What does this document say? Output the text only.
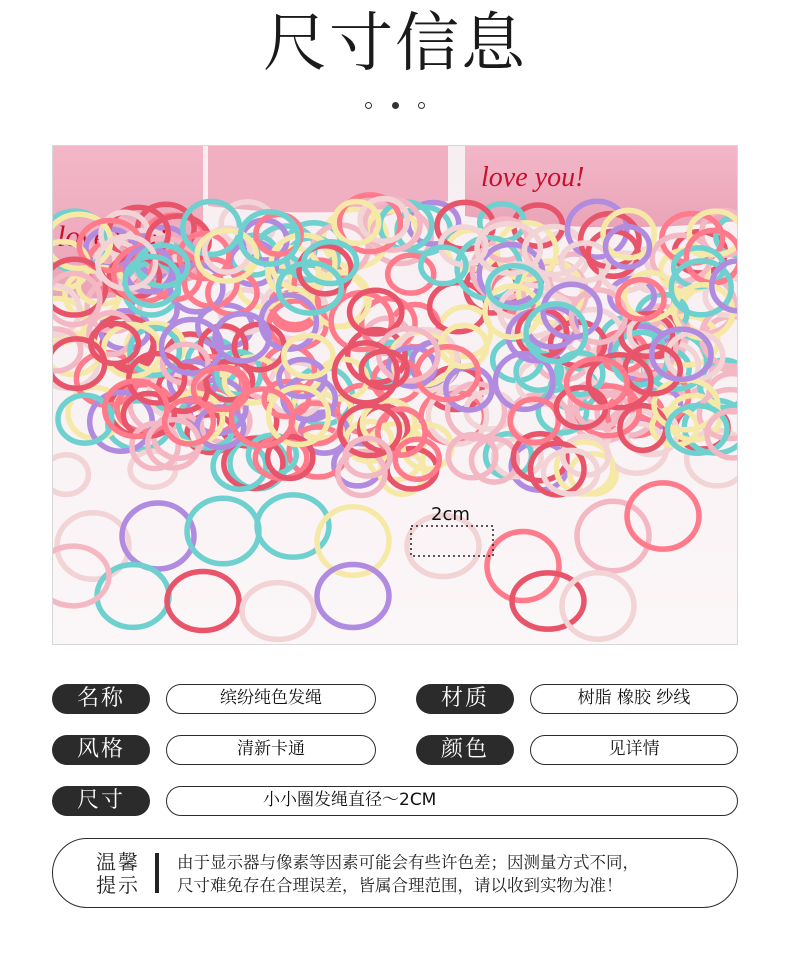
尺寸信息

love you!
love you!
2cm
名称	缤纷纯色发绳	材质	树脂 橡胶 纱线
风格	清新卡通	颜色	见详情
尺寸	小小圈发绳直径～2CM
温馨
提示
由于显示器与像素等因素可能会有些许色差；因测量方式不同，
尺寸难免存在合理误差，皆属合理范围，请以收到实物为准！
